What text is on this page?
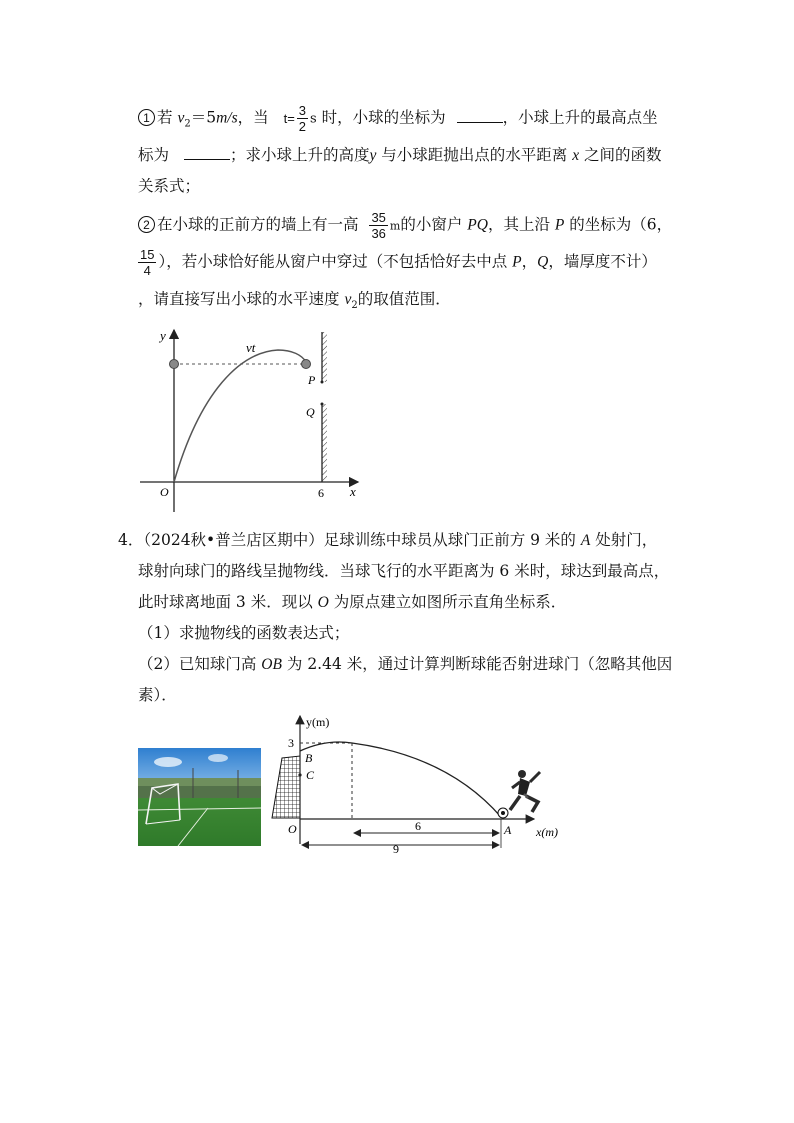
1 若 $v_2=5m/s$，当 $t= \frac{3}{2}$ s 时，小球的坐标为	，小球上升的最高点坐
标为	；求小球上升的高度y 与小球距抛出点的水平距离 x 之间的函数
关系式；
2 在小球的正前方的墙上有一高 $\frac{35}{36}$ m的小窗户 PQ，其上沿 P 的坐标为（6，
$\frac{15}{4}$ ），若小球恰好能从窗户中穿过（不包括恰好去中点 P，Q，墙厚度不计）
，请直接写出小球的水平速度 $v_2$的取值范围．
y
x
O
vt
P
Q
6
4．（2024秋•普兰店区期中）足球训练中球员从球门正前方 9 米的 A 处射门，
球射向球门的路线呈抛物线．当球飞行的水平距离为 6 米时，球达到最高点，
此时球离地面 3 米．现以 O 为原点建立如图所示直角坐标系．
（1）求抛物线的函数表达式；
（2）已知球门高 OB 为 2.44 米，通过计算判断球能否射进球门（忽略其他因
素）．
y(m)
x(m)
3
B
C
O	A
6
9
